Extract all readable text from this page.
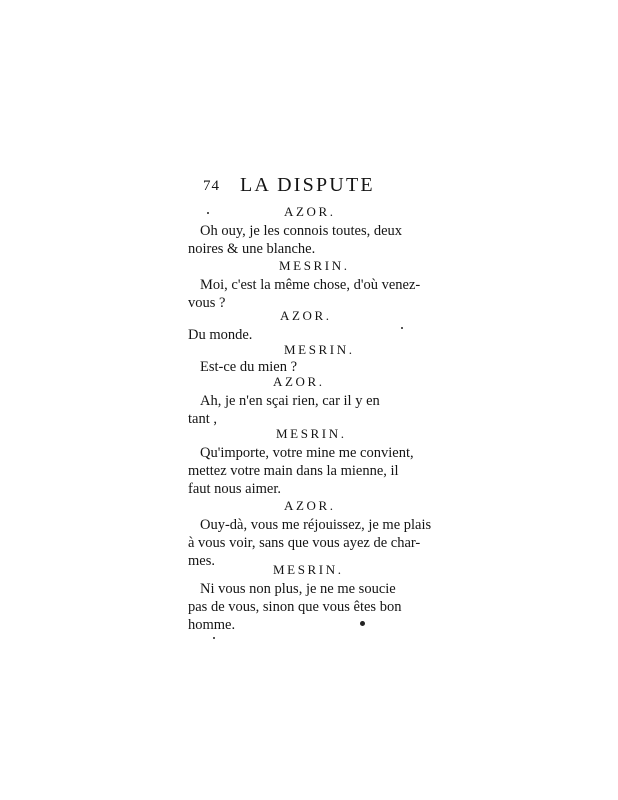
74 LA DISPUTE
AZOR.
Oh ouy, je les connois toutes, deux
noires & une blanche.
MESRIN.
Moi, c'est la même chose, d'où venez-
vous ?
AZOR.
Du monde.
MESRIN.
Est-ce du mien ?
AZOR.
Ah, je n'en sçai rien, car il y en
tant ,
MESRIN.
Qu'importe, votre mine me convient,
mettez votre main dans la mienne, il
faut nous aimer.
AZOR.
Ouy-dà, vous me réjouissez, je me plais
à vous voir, sans que vous ayez de char-
mes.
MESRIN.
Ni vous non plus, je ne me soucie
pas de vous, sinon que vous êtes bon
homme.
